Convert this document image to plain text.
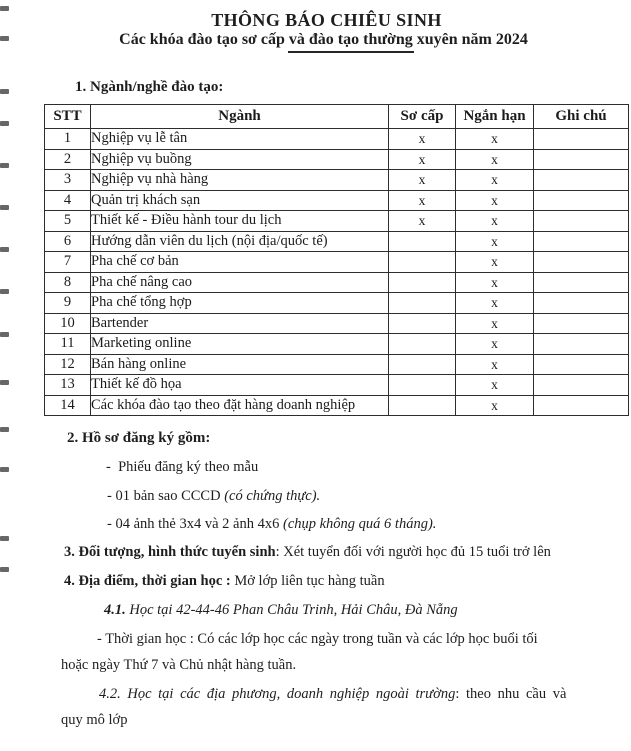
THÔNG BÁO CHIÊU SINH
Các khóa đào tạo sơ cấp và đào tạo thường xuyên năm 2024
1. Ngành/nghề đào tạo:
STT	Ngành	Sơ cấp	Ngắn hạn	Ghi chú
1	Nghiệp vụ lễ tân	x	x	
2	Nghiệp vụ buồng	x	x	
3	Nghiệp vụ nhà hàng	x	x	
4	Quản trị khách sạn	x	x	
5	Thiết kế - Điều hành tour du lịch	x	x	
6	Hướng dẫn viên du lịch (nội địa/quốc tế)		x	
7	Pha chế cơ bản		x	
8	Pha chế nâng cao		x	
9	Pha chế tổng hợp		x	
10	Bartender		x	
11	Marketing online		x	
12	Bán hàng online		x	
13	Thiết kế đồ họa		x	
14	Các khóa đào tạo theo đặt hàng doanh nghiệp		x	
2. Hồ sơ đăng ký gồm:
-  Phiếu đăng ký theo mẫu
- 01 bản sao CCCD (có chứng thực).
- 04 ảnh thẻ 3x4 và 2 ảnh 4x6 (chụp không quá 6 tháng).
3. Đối tượng, hình thức tuyển sinh: Xét tuyển đối với người học đủ 15 tuổi trở lên
4. Địa điểm, thời gian học : Mở lớp liên tục hàng tuần
4.1. Học tại 42-44-46 Phan Châu Trinh, Hải Châu, Đà Nẵng
- Thời gian học : Có các lớp học các ngày trong tuần và các lớp học buổi tối
hoặc ngày Thứ 7 và Chủ nhật hàng tuần.
4.2. Học tại các địa phương, doanh nghiệp ngoài trường: theo nhu cầu và
quy mô lớp
